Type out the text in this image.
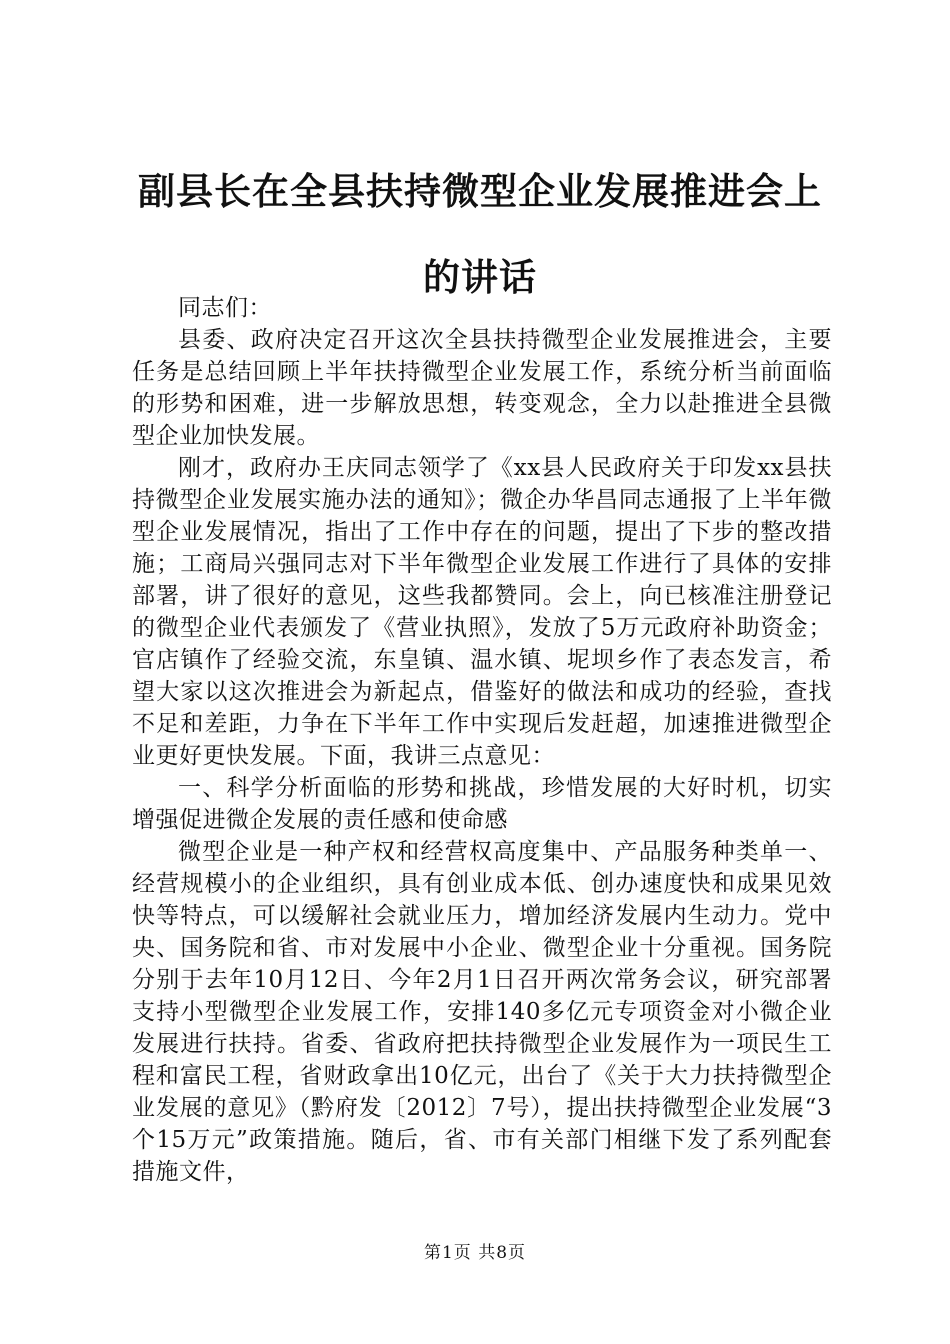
副县长在全县扶持微型企业发展推进会上的讲话

同志们：

县委、政府决定召开这次全县扶持微型企业发展推进会，主要任务是总结回顾上半年扶持微型企业发展工作，系统分析当前面临的形势和困难，进一步解放思想，转变观念，全力以赴推进全县微型企业加快发展。

刚才，政府办王庆同志领学了《xx县人民政府关于印发xx县扶持微型企业发展实施办法的通知》；微企办华昌同志通报了上半年微型企业发展情况，指出了工作中存在的问题，提出了下步的整改措施；工商局兴强同志对下半年微型企业发展工作进行了具体的安排部署，讲了很好的意见，这些我都赞同。会上，向已核准注册登记的微型企业代表颁发了《营业执照》，发放了5万元政府补助资金；官店镇作了经验交流，东皇镇、温水镇、坭坝乡作了表态发言，希望大家以这次推进会为新起点，借鉴好的做法和成功的经验，查找不足和差距，力争在下半年工作中实现后发赶超，加速推进微型企业更好更快发展。下面，我讲三点意见：

一、科学分析面临的形势和挑战，珍惜发展的大好时机，切实增强促进微企发展的责任感和使命感

微型企业是一种产权和经营权高度集中、产品服务种类单一、经营规模小的企业组织，具有创业成本低、创办速度快和成果见效快等特点，可以缓解社会就业压力，增加经济发展内生动力。党中央、国务院和省、市对发展中小企业、微型企业十分重视。国务院分别于去年10月12日、今年2月1日召开两次常务会议，研究部署支持小型微型企业发展工作，安排140多亿元专项资金对小微企业发展进行扶持。省委、省政府把扶持微型企业发展作为一项民生工程和富民工程，省财政拿出10亿元，出台了《关于大力扶持微型企业发展的意见》（黔府发〔2012〕7号），提出扶持微型企业发展“3个15万元”政策措施。随后，省、市有关部门相继下发了系列配套措施文件，

第1页 共8页
